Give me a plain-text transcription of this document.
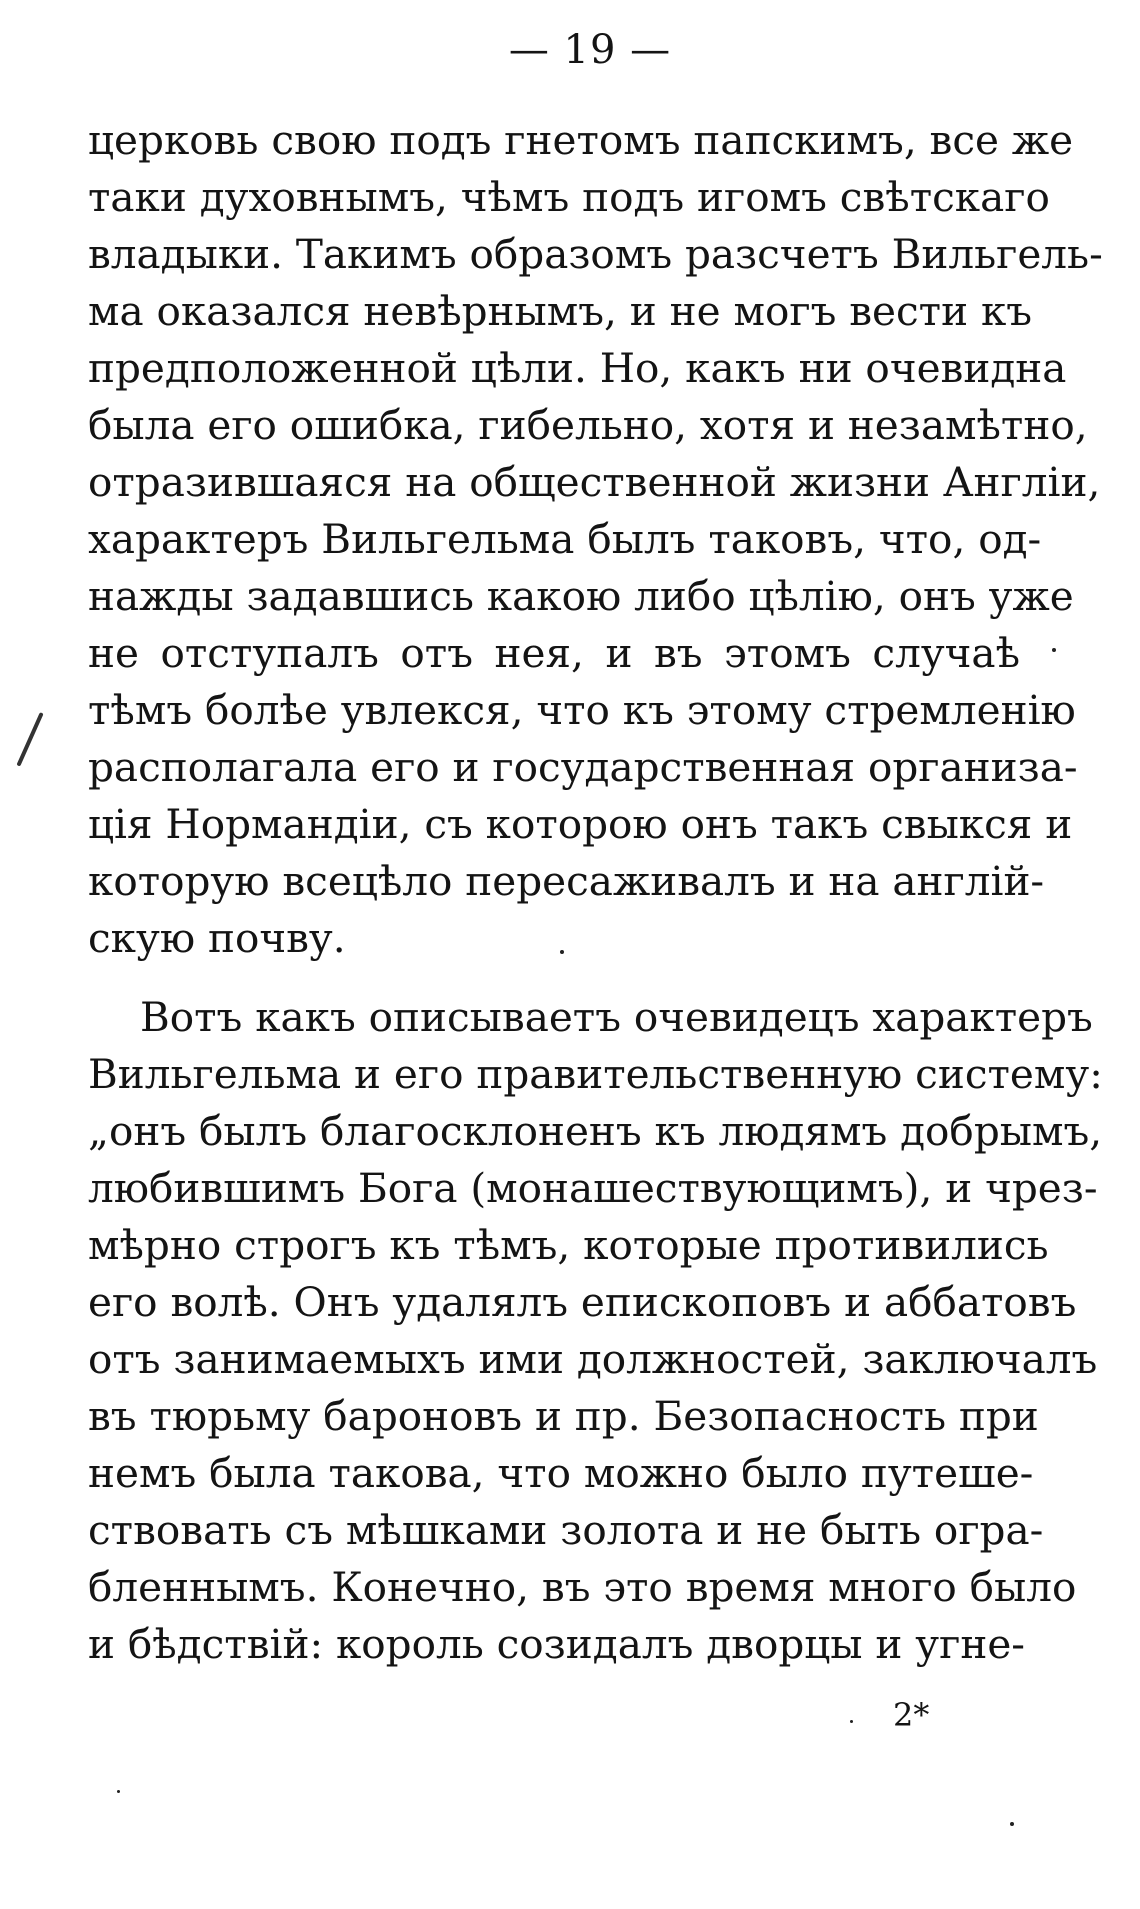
— 19 —
церковь свою подъ гнетомъ папскимъ, все же
таки духовнымъ, чѣмъ подъ игомъ свѣтскаго
владыки. Такимъ образомъ разсчетъ Вильгель-
ма оказался невѣрнымъ, и не могъ вести къ
предположенной цѣли. Но, какъ ни очевидна
была его ошибка, гибельно, хотя и незамѣтно,
отразившаяся на общественной жизни Англіи,
характеръ Вильгельма былъ таковъ, что, од-
нажды задавшись какою либо цѣлію, онъ уже
не отступалъ отъ нея, и въ этомъ случаѣ
тѣмъ болѣе увлекся, что къ этому стремленію
располагала его и государственная организа-
ція Нормандіи, съ которою онъ такъ свыкся и
которую всецѣло пересаживалъ и на англій-
скую почву.
Вотъ какъ описываетъ очевидецъ характеръ
Вильгельма и его правительственную систему:
„онъ былъ благосклоненъ къ людямъ добрымъ,
любившимъ Бога (монашествующимъ), и чрез-
мѣрно строгъ къ тѣмъ, которые противились
его волѣ. Онъ удалялъ епископовъ и аббатовъ
отъ занимаемыхъ ими должностей, заключалъ
въ тюрьму бароновъ и пр. Безопасность при
немъ была такова, что можно было путеше-
ствовать съ мѣшками золота и не быть огра-
бленнымъ. Конечно, въ это время много было
и бѣдствій: король созидалъ дворцы и угне-
2*
